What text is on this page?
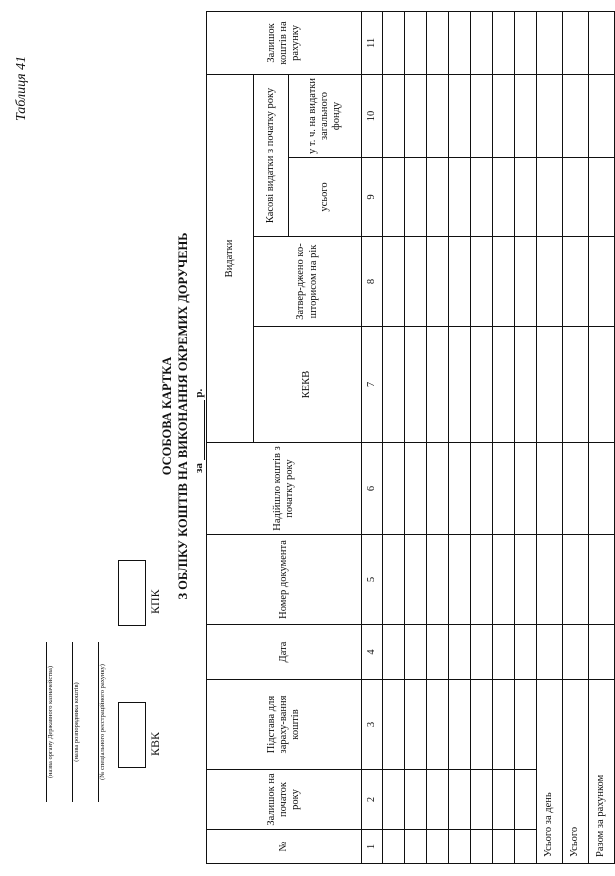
Таблиця 41
(назва органу Державного казначейства)	(назва розпорядника коштів)	(№ спеціального реєстраційного рахунку)	КВК
КПК
ОСОБОВА КАРТКА З ОБЛІКУ КОШТІВ НА ВИКОНАННЯ ОКРЕМИХ ДОРУЧЕНЬ за  р.
№	Залишок на початок року	Підстава для зараху-вання коштів	Дата	Номер документа	Надійшло коштів з початку року	Видатки				Залишок коштів на рахунку
						КЕКВ	Затвер-джено ко-шторисом на рік	Касові видатки з початку року		
								усього	у т. ч. на видатки загального фонду	
1	2	3	4	5	6	7	8	9	10	11

Усього за день										
Усього										
Разом за рахунком										
